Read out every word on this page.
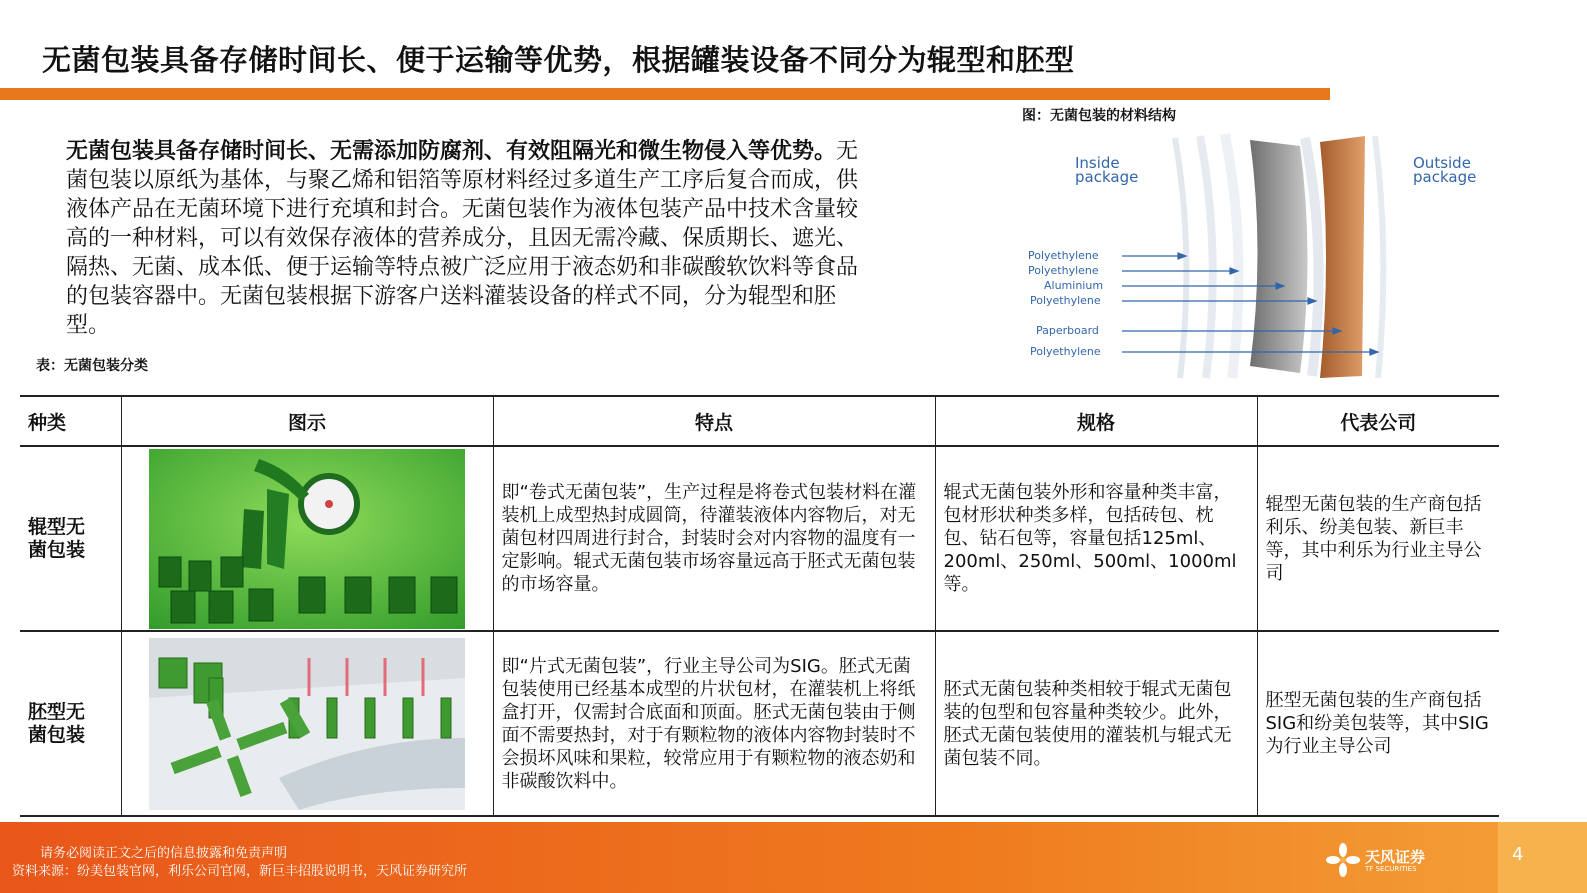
无菌包装具备存储时间长、便于运输等优势，根据罐装设备不同分为辊型和胚型
无菌包装具备存储时间长、无需添加防腐剂、有效阻隔光和微生物侵入等优势。无菌包装以原纸为基体，与聚乙烯和铝箔等原材料经过多道生产工序后复合而成，供液体产品在无菌环境下进行充填和封合。无菌包装作为液体包装产品中技术含量较高的一种材料，可以有效保存液体的营养成分，且因无需冷藏、保质期长、遮光、隔热、无菌、成本低、便于运输等特点被广泛应用于液态奶和非碳酸软饮料等食品的包装容器中。无菌包装根据下游客户送料灌装设备的样式不同，分为辊型和胚型。
图：无菌包装的材料结构
Inside
package
Outside
package
Polyethylene
Polyethylene
Aluminium
Polyethylene
Paperboard
Polyethylene
表：无菌包装分类
种类	图示	特点	规格	代表公司
辊型无菌包装		即“卷式无菌包装”，生产过程是将卷式包装材料在灌装机上成型热封成圆筒，待灌装液体内容物后，对无菌包材四周进行封合，封装时会对内容物的温度有一定影响。辊式无菌包装市场容量远高于胚式无菌包装的市场容量。	辊式无菌包装外形和容量种类丰富，包材形状种类多样，包括砖包、枕包、钻石包等，容量包括125ml、200ml、250ml、500ml、1000ml等。	辊型无菌包装的生产商包括利乐、纷美包装、新巨丰等，其中利乐为行业主导公司
胚型无菌包装		即“片式无菌包装”，行业主导公司为SIG。胚式无菌包装使用已经基本成型的片状包材，在灌装机上将纸盒打开，仅需封合底面和顶面。胚式无菌包装由于侧面不需要热封，对于有颗粒物的液体内容物封装时不会损坏风味和果粒，较常应用于有颗粒物的液态奶和非碳酸饮料中。	胚式无菌包装种类相较于辊式无菌包装的包型和包容量种类较少。此外，胚式无菌包装使用的灌装机与辊式无菌包装不同。	胚型无菌包装的生产商包括SIG和纷美包装等，其中SIG为行业主导公司
请务必阅读正文之后的信息披露和免责声明
资料来源：纷美包装官网，利乐公司官网，新巨丰招股说明书，天风证券研究所
天风证券
TF SECURITIES
4
